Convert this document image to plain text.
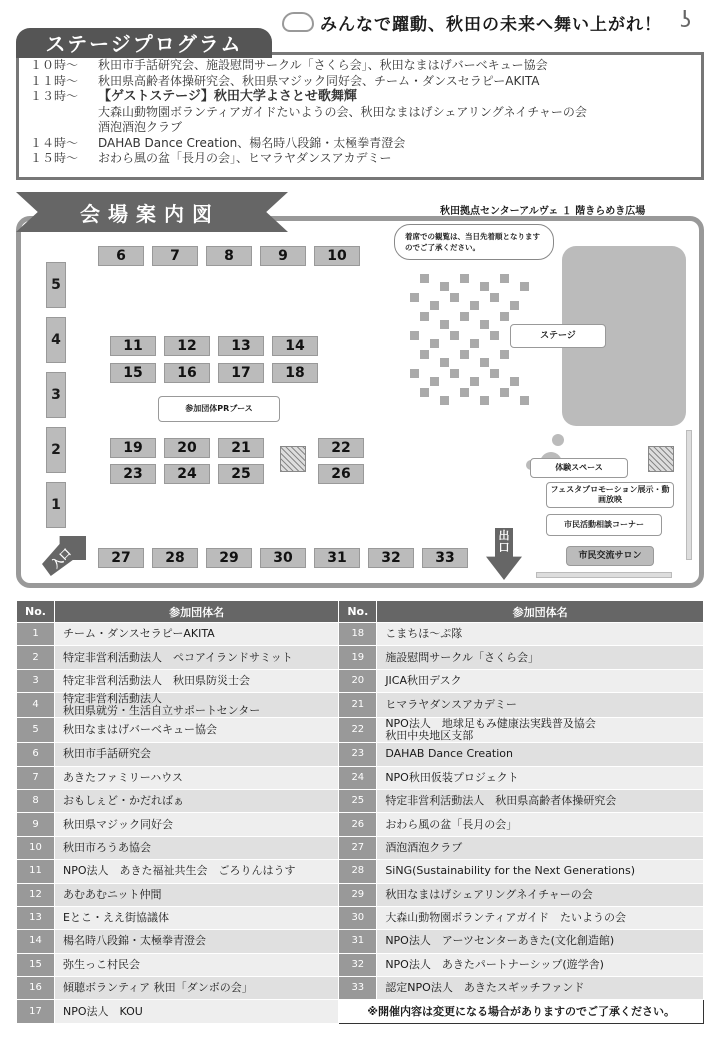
みんなで躍動、秋田の未来へ舞い上がれ！ ʖ
ステージプログラム
１０時～	秋田市手話研究会、施設慰問サークル「さくら会」、秋田なまはげバーベキュー協会
１１時～	秋田県高齢者体操研究会、秋田県マジック同好会、チーム・ダンスセラピーAKITA
１３時～	【ゲストステージ】秋田大学よさとせ歌舞輝
大森山動物園ボランティアガイドたいようの会、秋田なまはげシェアリングネイチャーの会
酒泡酒泡クラブ
１４時～	DAHAB Dance Creation、楊名時八段錦・太極拳青澄会
１５時～	おわら風の盆「長月の会」、ヒマラヤダンスアカデミー
会場案内図	秋田拠点センターアルヴェ １ 階きらめき広場
6	7	8	9	10
5
4
3
2
1
11	12	13	14
15	16	17	18
19	20	21
23	24	25
22
26
27	28	29	30	31	32	33
ステージ
着席での観覧は、当日先着順となりますのでご了承ください。
参加団体PRブース
体験スペース
フェスタプロモーション展示・動画放映
市民活動相談コーナー
市民交流サロン
入口
出口
No.	参加団体名	No.	参加団体名
1	チーム・ダンスセラピーAKITA	18	こまちほ～ぷ隊
2	特定非営利活動法人　ペコアイランドサミット	19	施設慰問サークル「さくら会」
3	特定非営利活動法人　秋田県防災士会	20	JICA秋田デスク
4	特定非営利活動法人
秋田県就労・生活自立サポートセンター	21	ヒマラヤダンスアカデミー
5	秋田なまはげバーベキュー協会	22	NPO法人　地球足もみ健康法実践普及協会
秋田中央地区支部
6	秋田市手話研究会	23	DAHAB Dance Creation
7	あきたファミリーハウス	24	NPO秋田仮装プロジェクト
8	おもしぇど・かだればぁ	25	特定非営利活動法人　秋田県高齢者体操研究会
9	秋田県マジック同好会	26	おわら風の盆「長月の会」
10	秋田市ろうあ協会	27	酒泡酒泡クラブ
11	NPO法人　あきた福祉共生会　ごろりんはうす	28	SiNG(Sustainability for the Next Generations)
12	あむあむニット仲間	29	秋田なまはげシェアリングネイチャーの会
13	Eとこ・ええ街協議体	30	大森山動物園ボランティアガイド　たいようの会
14	楊名時八段錦・太極拳青澄会	31	NPO法人　アーツセンターあきた(文化創造館)
15	弥生っこ村民会	32	NPO法人　あきたパートナーシップ(遊学舎)
16	傾聴ボランティア 秋田「ダンボの会」	33	認定NPO法人　あきたスギッチファンド
17	NPO法人　KOU	※開催内容は変更になる場合がありますのでご了承ください。	
